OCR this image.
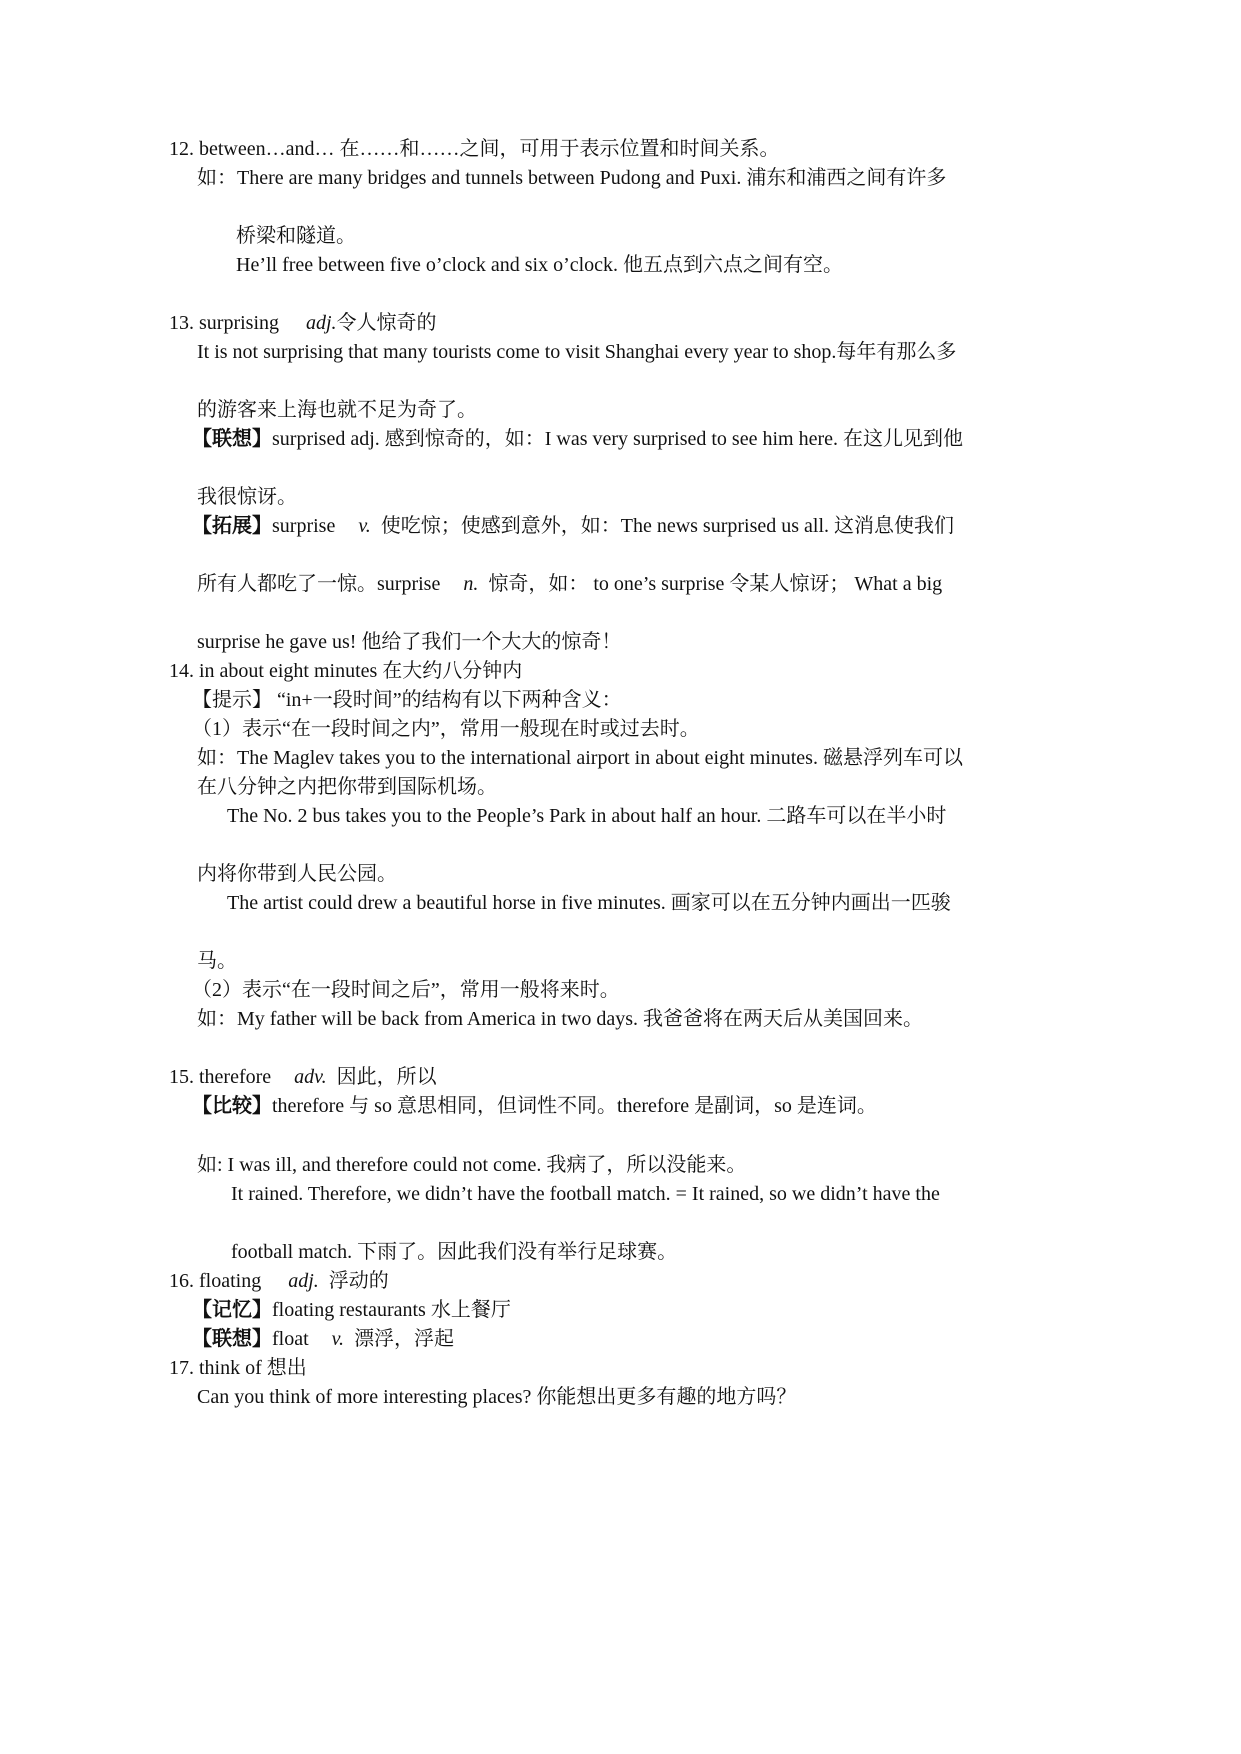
12. between…and… 在……和……之间，可用于表示位置和时间关系。
如：There are many bridges and tunnels between Pudong and Puxi. 浦东和浦西之间有许多
桥梁和隧道。
He’ll free between five o’clock and six o’clock. 他五点到六点之间有空。
13. surprising adj.令人惊奇的
It is not surprising that many tourists come to visit Shanghai every year to shop.每年有那么多
的游客来上海也就不足为奇了。
【联想】surprised adj. 感到惊奇的，如：I was very surprised to see him here. 在这儿见到他
我很惊讶。
【拓展】surprise v. 使吃惊；使感到意外，如：The news surprised us all. 这消息使我们
所有人都吃了一惊。surprise n. 惊奇，如： to one’s surprise 令某人惊讶； What a big
surprise he gave us! 他给了我们一个大大的惊奇！
14. in about eight minutes 在大约八分钟内
【提示】 “in+一段时间”的结构有以下两种含义：
（1）表示“在一段时间之内”，常用一般现在时或过去时。
如：The Maglev takes you to the international airport in about eight minutes. 磁悬浮列车可以
在八分钟之内把你带到国际机场。
The No. 2 bus takes you to the People’s Park in about half an hour. 二路车可以在半小时
内将你带到人民公园。
The artist could drew a beautiful horse in five minutes. 画家可以在五分钟内画出一匹骏
马。
（2）表示“在一段时间之后”，常用一般将来时。
如：My father will be back from America in two days. 我爸爸将在两天后从美国回来。
15. therefore adv. 因此，所以
【比较】therefore 与 so 意思相同，但词性不同。therefore 是副词，so 是连词。
如: I was ill, and therefore could not come. 我病了，所以没能来。
It rained. Therefore, we didn’t have the football match. = It rained, so we didn’t have the
football match. 下雨了。因此我们没有举行足球赛。
16. floating adj. 浮动的
【记忆】floating restaurants 水上餐厅
【联想】float v. 漂浮，浮起
17. think of 想出
Can you think of more interesting places? 你能想出更多有趣的地方吗？
